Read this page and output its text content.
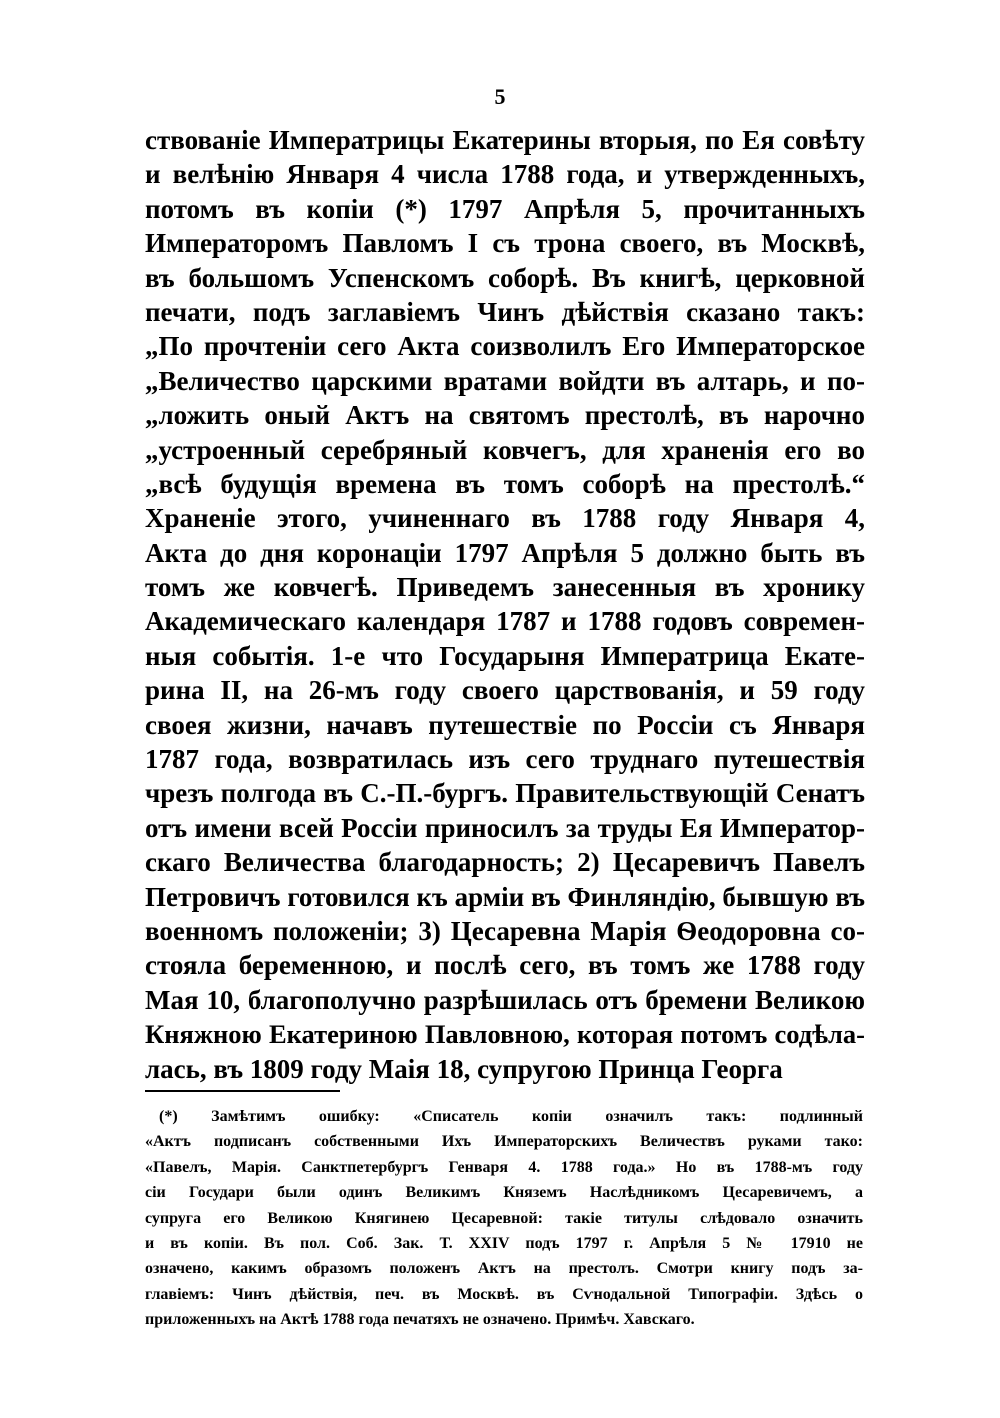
5
ствованіе Императрицы Екатерины вторыя, по Ея совѣту
и велѣнію Января 4 числа 1788 года, и утвержденныхъ,
потомъ въ копіи (*) 1797 Апрѣля 5, прочитанныхъ
Императоромъ Павломъ I съ трона своего, въ Москвѣ,
въ большомъ Успенскомъ соборѣ. Въ книгѣ, церковной
печати, подъ заглавіемъ Чинъ дѣйствія сказано такъ:
„По прочтеніи сего Акта соизволилъ Его Императорское
„Величество царскими вратами войдти въ алтарь, и по-
„ложить оный Актъ на святомъ престолѣ, въ нарочно
„устроенный серебряный ковчегъ, для храненія его во
„всѣ будущія времена въ томъ соборѣ на престолѣ.“
Храненіе этого, учиненнаго въ 1788 году Января 4,
Акта до дня коронаціи 1797 Апрѣля 5 должно быть въ
томъ же ковчегѣ. Приведемъ занесенныя въ хронику
Академическаго календаря 1787 и 1788 годовъ современ-
ныя событія. 1-е что Государыня Императрица Екате-
рина II, на 26-мъ году своего царствованія, и 59 году
своея жизни, начавъ путешествіе по Россіи съ Января
1787 года, возвратилась изъ сего труднаго путешествія
чрезъ полгода въ С.-П.-бургъ. Правительствующій Сенатъ
отъ имени всей Россіи приносилъ за труды Ея Император-
скаго Величества благодарность; 2) Цесаревичъ Павелъ
Петровичъ готовился къ арміи въ Финляндію, бывшую въ
военномъ положеніи; 3) Цесаревна Марія Ѳеодоровна со-
стояла беременною, и послѣ сего, въ томъ же 1788 году
Мая 10, благополучно разрѣшилась отъ бремени Великою
Княжною Екатериною Павловною, которая потомъ содѣла-
лась, въ 1809 году Маія 18, супругою Принца Георга
(*) Замѣтимъ ошибку: «Списатель копіи означилъ такъ: подлинный
«Актъ подписанъ собственными Ихъ Императорскихъ Величествъ руками тако:
«Павелъ, Марія. Санктпетербургъ Генваря 4. 1788 года.» Но въ 1788-мъ году
сіи Государи были одинъ Великимъ Княземъ Наслѣдникомъ Цесаревичемъ, а
супруга его Великою Княгинею Цесаревной: такіе титулы слѣдовало означить
и въ копіи. Въ пол. Соб. Зак. Т. XXIV подъ 1797 г. Апрѣля 5 № 17910 не
означено, какимъ образомъ положенъ Актъ на престолъ. Смотри книгу подъ за-
главіемъ: Чинъ дѣйствія, печ. въ Москвѣ. въ Сѵнодальной Типографіи. Здѣсь о
приложенныхъ на Актѣ 1788 года печатяхъ не означено. Примѣч. Хавскаго.
